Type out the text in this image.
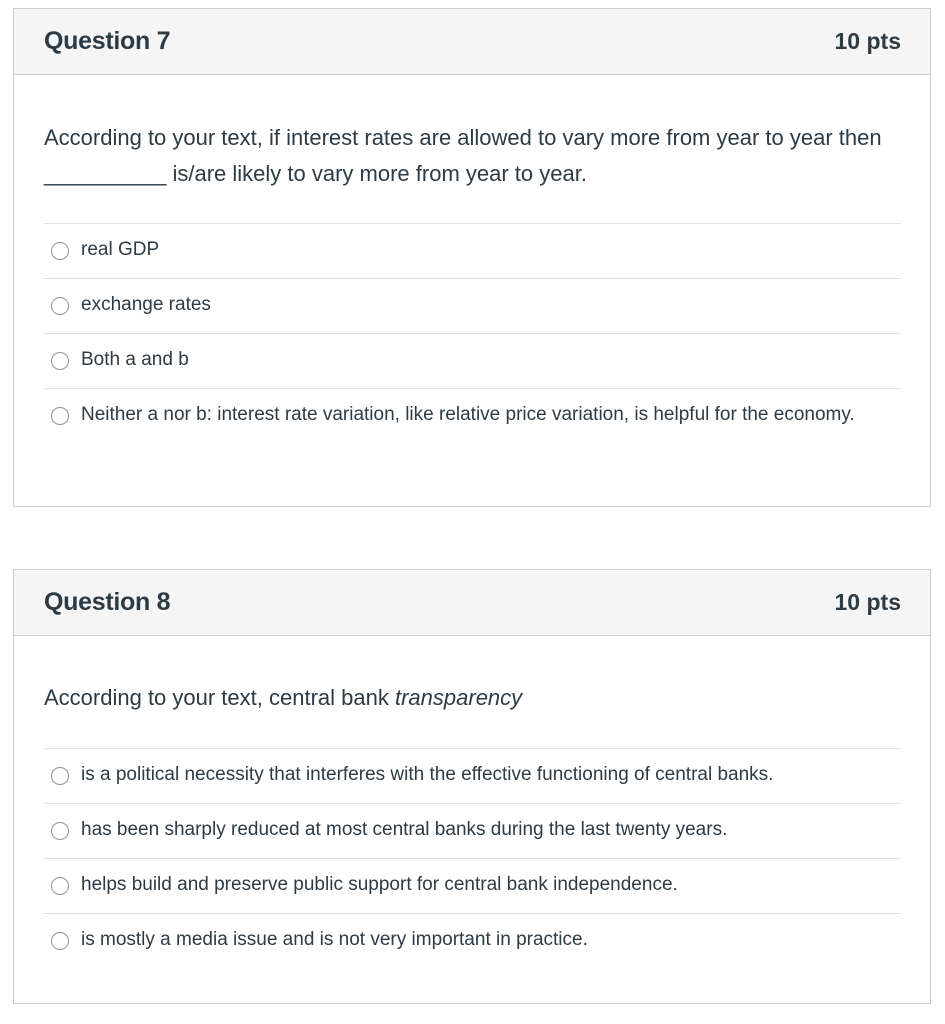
Question 7	10 pts
According to your text, if interest rates are allowed to vary more from year to year then __________ is/are likely to vary more from year to year.
real GDP
exchange rates
Both a and b
Neither a nor b: interest rate variation, like relative price variation, is helpful for the economy.
Question 8	10 pts
According to your text, central bank transparency
is a political necessity that interferes with the effective functioning of central banks.
has been sharply reduced at most central banks during the last twenty years.
helps build and preserve public support for central bank independence.
is mostly a media issue and is not very important in practice.
